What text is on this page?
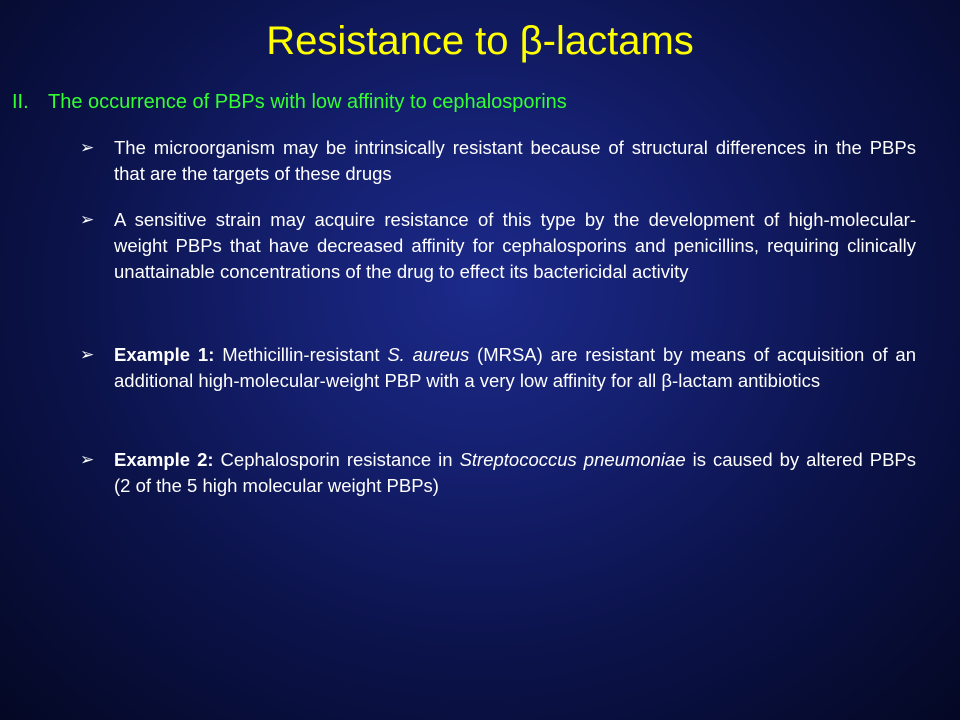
Resistance to β-lactams
II. The occurrence of PBPs with low affinity to cephalosporins
➢	The microorganism may be intrinsically resistant because of structural differences in the PBPs that are the targets of these drugs
➢	A sensitive strain may acquire resistance of this type by the development of high-molecular-weight PBPs that have decreased affinity for cephalosporins and penicillins, requiring clinically unattainable concentrations of the drug to effect its bactericidal activity
➢	Example 1: Methicillin-resistant S. aureus (MRSA) are resistant by means of acquisition of an additional high-molecular-weight PBP with a very low affinity for all β-lactam antibiotics
➢	Example 2: Cephalosporin resistance in Streptococcus pneumoniae is caused by altered PBPs (2 of the 5 high molecular weight PBPs)
